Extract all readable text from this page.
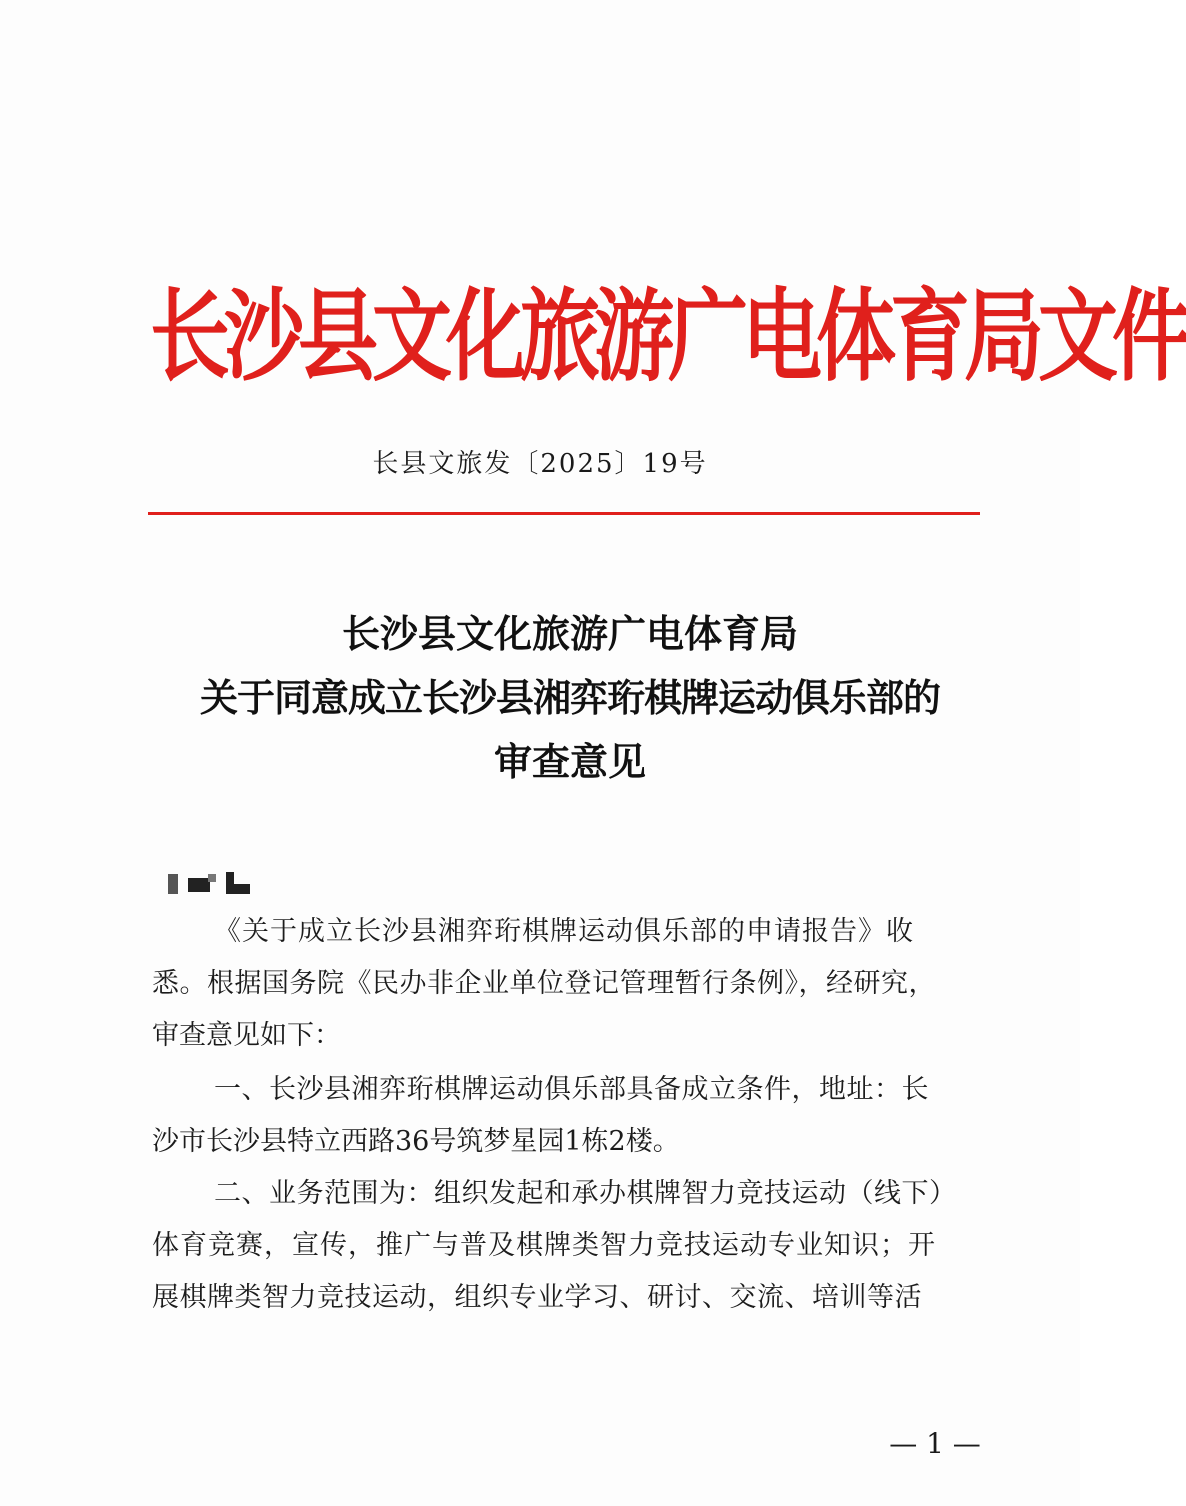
长沙县文化旅游广电体育局文件
长县文旅发〔2025〕19号
长沙县文化旅游广电体育局
关于同意成立长沙县湘弈珩棋牌运动俱乐部的
审查意见
《关于成立长沙县湘弈珩棋牌运动俱乐部的申请报告》收
悉。根据国务院《民办非企业单位登记管理暂行条例》，经研究，
审查意见如下：
一、长沙县湘弈珩棋牌运动俱乐部具备成立条件，地址：长
沙市长沙县特立西路36号筑梦星园1栋2楼。
二、业务范围为：组织发起和承办棋牌智力竞技运动（线下）
体育竞赛，宣传，推广与普及棋牌类智力竞技运动专业知识；开
展棋牌类智力竞技运动，组织专业学习、研讨、交流、培训等活
— 1 —
